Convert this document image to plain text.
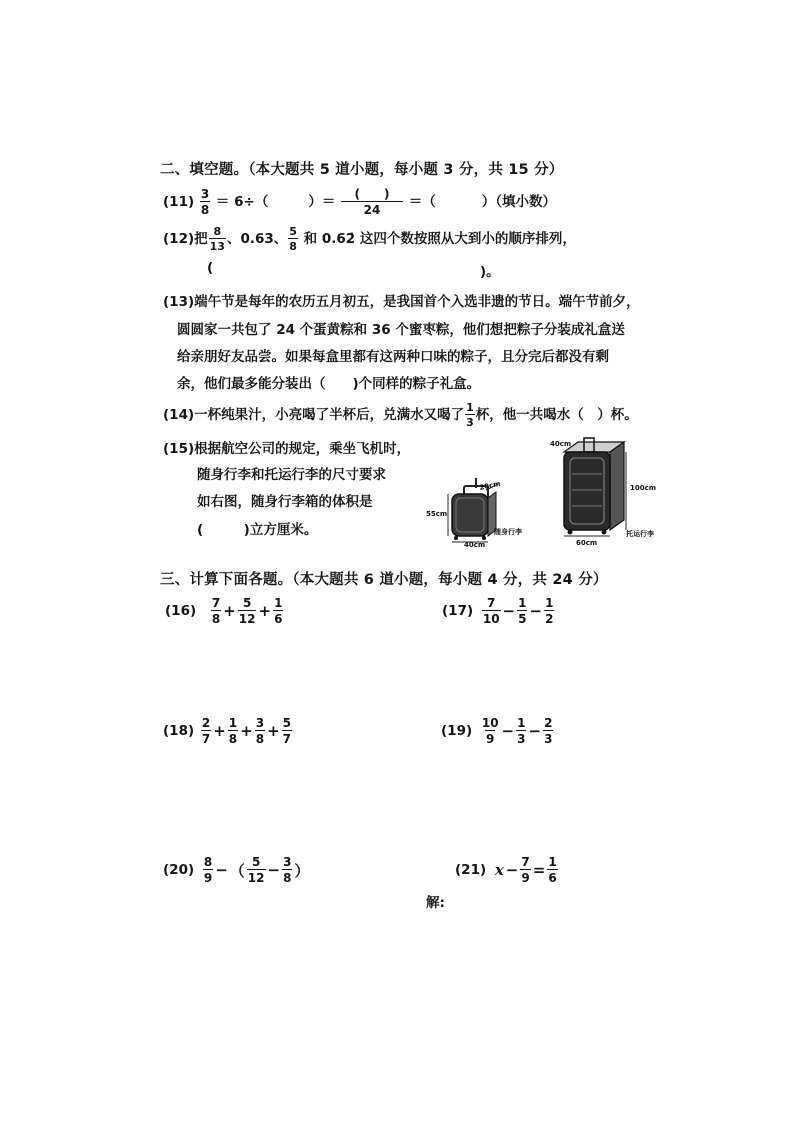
二、填空题。（本大题共 5 道小题，每小题 3 分，共 15 分）
$(11) \frac{3}{8} = 6\div$（	）＝ (　　)
24	＝（	）（填小数）
(12)把 $\frac{8}{13}$ 、0.63、 $\frac{5}{8}$ 和 0.62̇ 这四个数按照从大到小的顺序排列，
(	)。
(13)端午节是每年的农历五月初五，是我国首个入选非遗的节日。端午节前夕，
圆圆家一共包了 24 个蛋黄粽和 36 个蜜枣粽，他们想把粽子分装成礼盒送
给亲朋好友品尝。如果每盒里都有这两种口味的粽子，且分完后都没有剩
余，他们最多能分装出（　　)个同样的粽子礼盒。
(14)一杯纯果汁，小亮喝了半杯后，兑满水又喝了 $\frac{1}{3}$ 杯，他一共喝水（　）杯。
(15)根据航空公司的规定，乘坐飞机时，
随身行李和托运行李的尺寸要求
如右图，随身行李箱的体积是
(　　　)立方厘米。
55cm
40cm
20cm
随身行李
40cm
100cm
60cm
托运行李
三、计算下面各题。（本大题共 6 道小题，每小题 4 分，共 24 分）
$(16) \frac{7}{8} + \frac{5}{12} + \frac{1}{6}$	$(17) \frac{7}{10} - \frac{1}{5} - \frac{1}{2}$
$(18) \frac{2}{7} + \frac{1}{8} + \frac{3}{8} + \frac{5}{7}$	$(19) \frac{10}{9} - \frac{1}{3} - \frac{2}{3}$
$(20) \frac{8}{9}$ − （ $\frac{5}{12} - \frac{3}{8}$ ）	(21) $x - \frac{7}{9} = \frac{1}{6}$
解:
